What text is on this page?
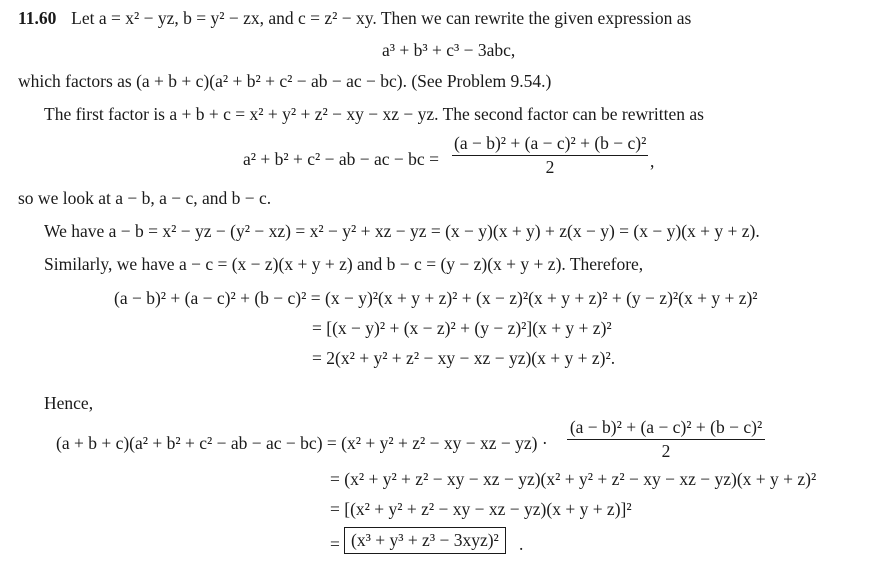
11.60 Let a = x² − yz, b = y² − zx, and c = z² − xy. Then we can rewrite the given expression as
a³ + b³ + c³ − 3abc,
which factors as (a + b + c)(a² + b² + c² − ab − ac − bc). (See Problem 9.54.)
The first factor is a + b + c = x² + y² + z² − xy − xz − yz. The second factor can be rewritten as
a² + b² + c² − ab − ac − bc = $\frac{\text{(a − b)² + (a − c)² + (b − c)²}}{2}$ ,
so we look at a − b, a − c, and b − c.
We have a − b = x² − yz − (y² − xz) = x² − y² + xz − yz = (x − y)(x + y) + z(x − y) = (x − y)(x + y + z).
Similarly, we have a − c = (x − z)(x + y + z) and b − c = (y − z)(x + y + z). Therefore,
(a − b)² + (a − c)² + (b − c)² = (x − y)²(x + y + z)² + (x − z)²(x + y + z)² + (y − z)²(x + y + z)²
= [(x − y)² + (x − z)² + (y − z)²](x + y + z)²
= 2(x² + y² + z² − xy − xz − yz)(x + y + z)².
Hence,
(a + b + c)(a² + b² + c² − ab − ac − bc) = (x² + y² + z² − xy − xz − $yz) \cdot \frac{\text{(a − b)² + (a − c)² + (b − c)²}}{2}$
= (x² + y² + z² − xy − xz − yz)(x² + y² + z² − xy − xz − yz)(x + y + z)²
= [(x² + y² + z² − xy − xz − yz)(x + y + z)]²
= (x³ + y³ + z³ − 3xyz)²	.
